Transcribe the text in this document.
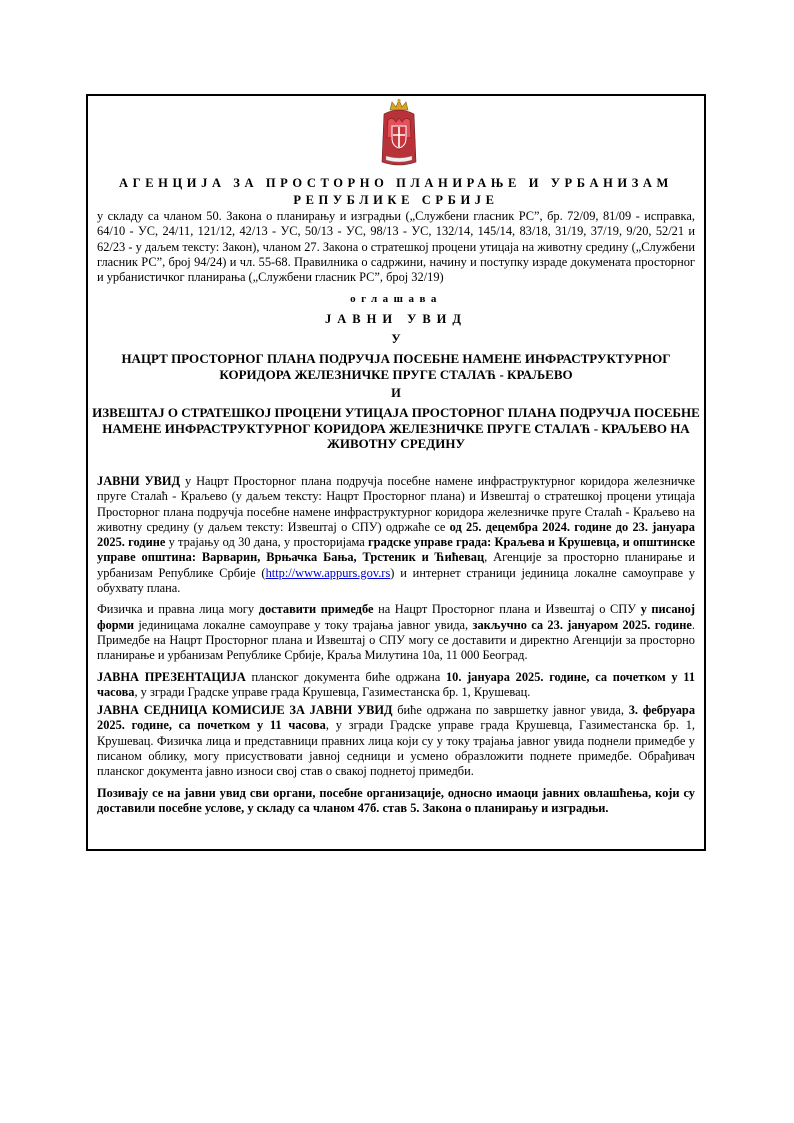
АГЕНЦИЈА ЗА ПРОСТОРНО ПЛАНИРАЊЕ И УРБАНИЗАМ
РЕПУБЛИКЕ СРБИЈЕ
у складу са чланом 50. Закона о планирању и изградњи („Службени гласник РС”, бр. 72/09, 81/09 - исправка, 64/10 - УС, 24/11, 121/12, 42/13 - УС, 50/13 - УС, 98/13 - УС, 132/14, 145/14, 83/18, 31/19, 37/19, 9/20, 52/21 и 62/23 - у даљем тексту: Закон), чланом 27. Закона о стратешкој процени утицаја на животну средину („Службени гласник РС”, број 94/24) и чл. 55-68. Правилника о садржини, начину и поступку израде докумената просторног и урбанистичког планирања („Службени гласник РС”, број 32/19)
оглашава
ЈАВНИ УВИД
У
НАЦРТ ПРОСТОРНОГ ПЛАНА ПОДРУЧЈА ПОСЕБНЕ НАМЕНЕ ИНФРАСТРУКТУРНОГ КОРИДОРА ЖЕЛЕЗНИЧКЕ ПРУГЕ СТАЛАЋ - КРАЉЕВО
И
ИЗВЕШТАЈ О СТРАТЕШКОЈ ПРОЦЕНИ УТИЦАЈА ПРОСТОРНОГ ПЛАНА ПОДРУЧЈА ПОСЕБНЕ НАМЕНЕ ИНФРАСТРУКТУРНОГ КОРИДОРА ЖЕЛЕЗНИЧКЕ ПРУГЕ СТАЛАЋ - КРАЉЕВО НА ЖИВОТНУ СРЕДИНУ

ЈАВНИ УВИД у Нацрт Просторног плана подручја посебне намене инфраструктурног коридора железничке пруге Сталаћ - Краљево (у даљем тексту: Нацрт Просторног плана) и Извештај о стратешкој процени утицаја Просторног плана подручја посебне намене инфраструктурног коридора железничке пруге Сталаћ - Краљево на животну средину (у даљем тексту: Извештај о СПУ) одржаће се од 25. децембра 2024. године до 23. јануара 2025. године у трајању од 30 дана, у просторијама градске управе града: Краљева и Крушевца, и општинске управе општина: Варварин, Врњачка Бања, Трстеник и Ћићевац, Агенције за просторно планирање и урбанизам Републике Србије (http://www.appurs.gov.rs) и интернет страници јединица локалне самоуправе у обухвату плана.

Физичка и правна лица могу доставити примедбе на Нацрт Просторног плана и Извештај о СПУ у писаној форми јединицама локалне самоуправе у току трајања јавног увида, закључно са 23. јануаром 2025. године. Примедбе на Нацрт Просторног плана и Извештај о СПУ могу се доставити и директно Агенцији за просторно планирање и урбанизам Републике Србије, Краља Милутина 10а, 11 000 Београд.

ЈАВНА ПРЕЗЕНТАЦИЈА планског документа биће одржана 10. јануара 2025. године, са почетком у 11 часова, у згради Градске управе града Крушевца, Газиместанска бр. 1, Крушевац.

ЈАВНА СЕДНИЦА КОМИСИЈЕ ЗА ЈАВНИ УВИД биће одржана по завршетку јавног увида, 3. фебруара 2025. године, са почетком у 11 часова, у згради Градске управе града Крушевца, Газиместанска бр. 1, Крушевац. Физичка лица и представници правних лица који су у току трајања јавног увида поднели примедбе у писаном облику, могу присуствовати јавној седници и усмено образложити поднете примедбе. Обрађивач планског документа јавно износи свој став о свакој поднетој примедби.

Позивају се на јавни увид сви органи, посебне организације, односно имаоци јавних овлашћења, који су доставили посебне услове, у складу са чланом 47б. став 5. Закона о планирању и изградњи.
